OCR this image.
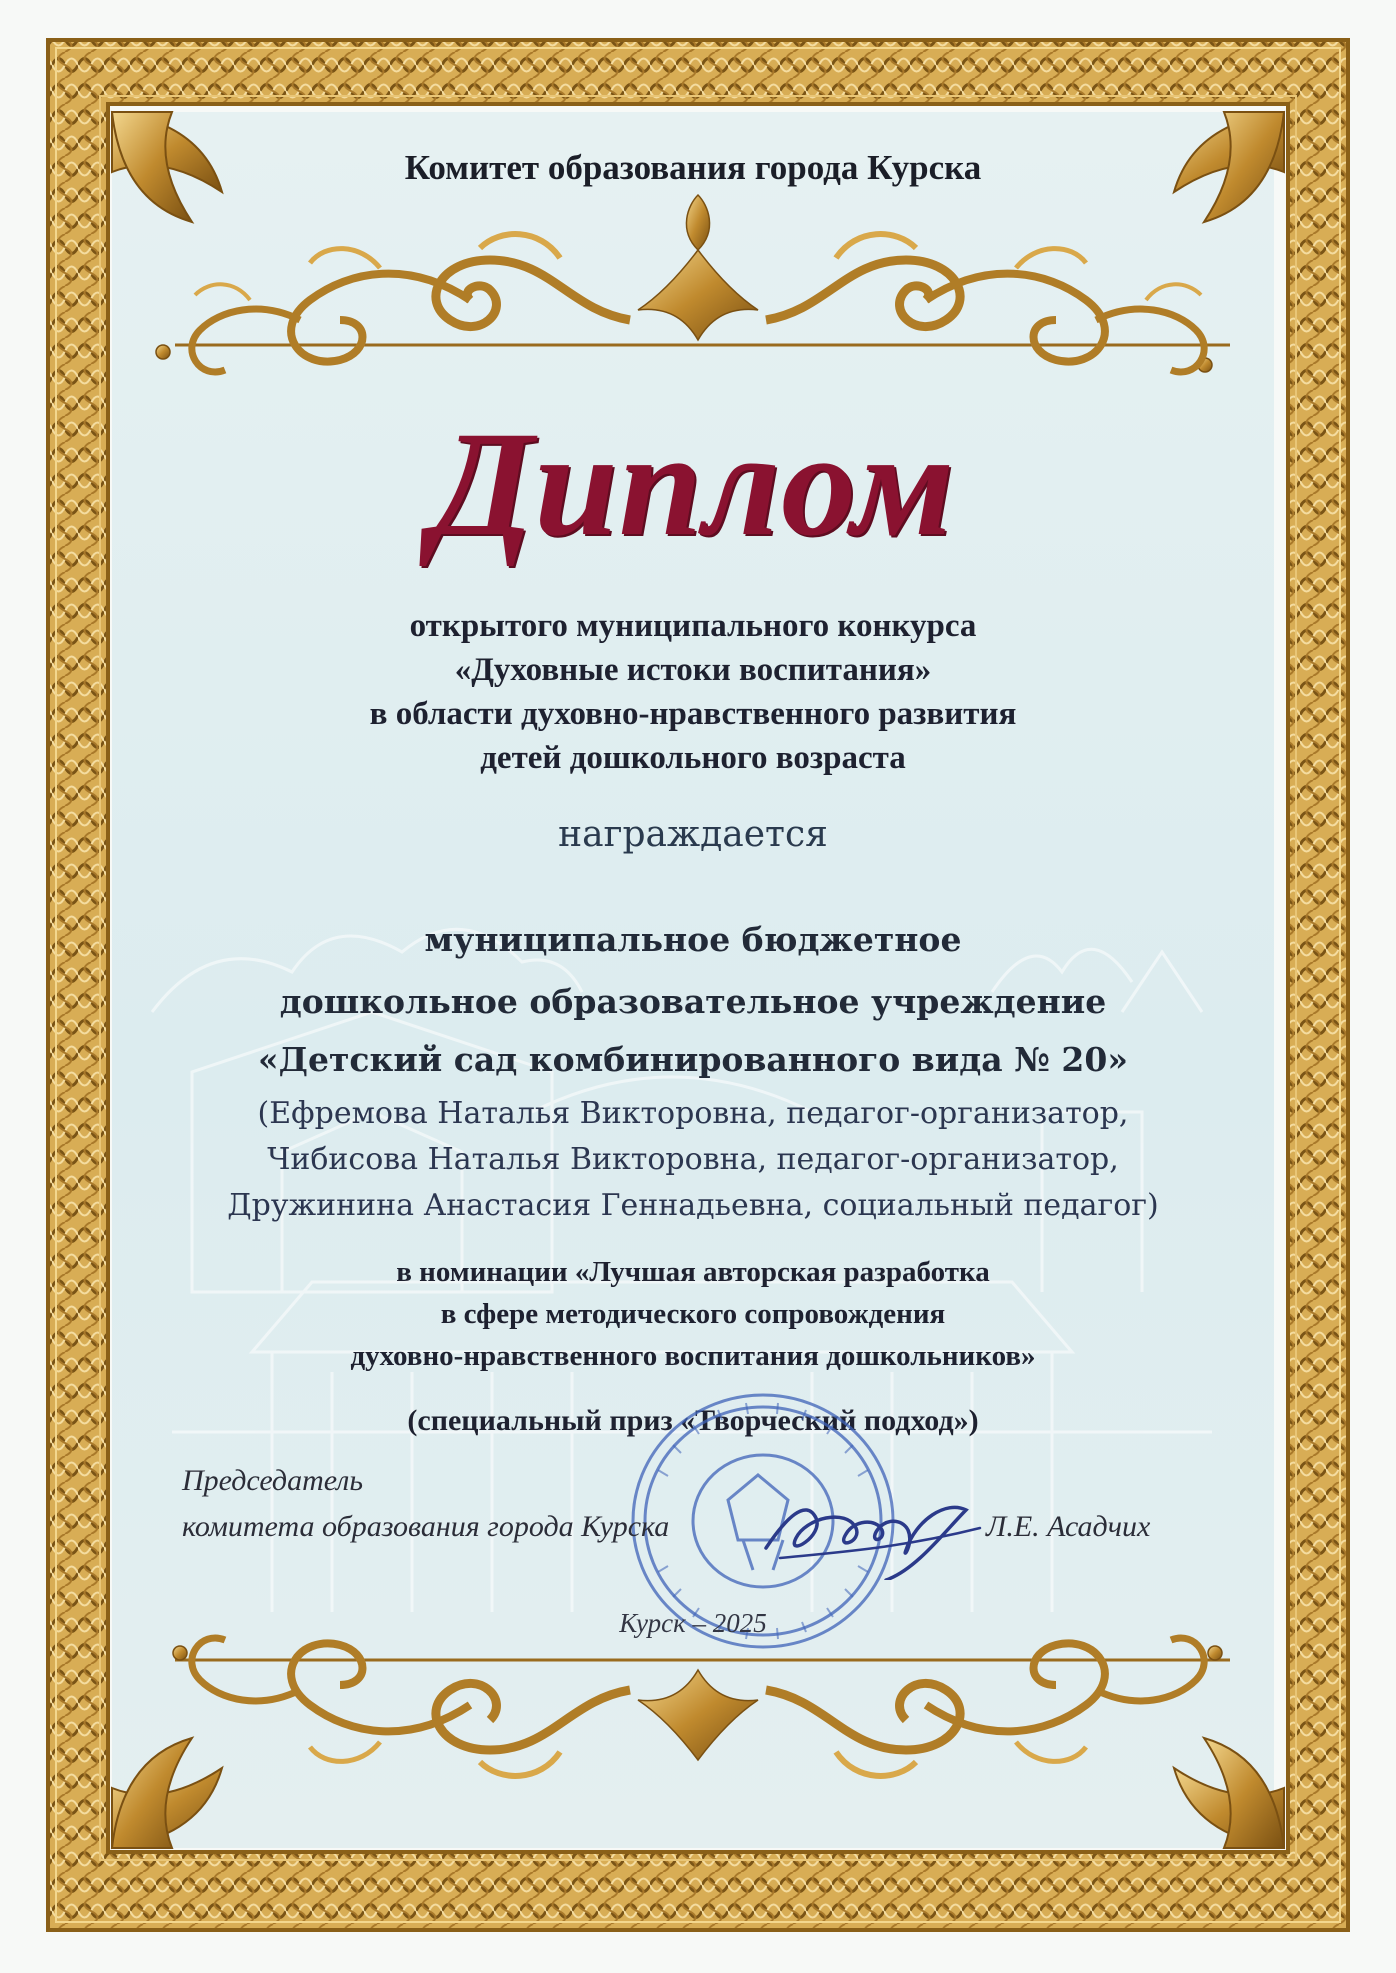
Комитет образования города Курска
Диплом
открытого муниципального конкурса
«Духовные истоки воспитания»
в области духовно-нравственного развития
детей дошкольного возраста
награждается
муниципальное бюджетное
дошкольное образовательное учреждение
«Детский сад комбинированного вида № 20»
(Ефремова Наталья Викторовна, педагог-организатор,
Чибисова Наталья Викторовна, педагог-организатор,
Дружинина Анастасия Геннадьевна, социальный педагог)
в номинации «Лучшая авторская разработка
в сфере методического сопровождения
духовно-нравственного воспитания дошкольников»
(специальный приз «Творческий подход»)
Председатель
комитета образования города Курска	Л.Е. Асадчих
Курск – 2025
